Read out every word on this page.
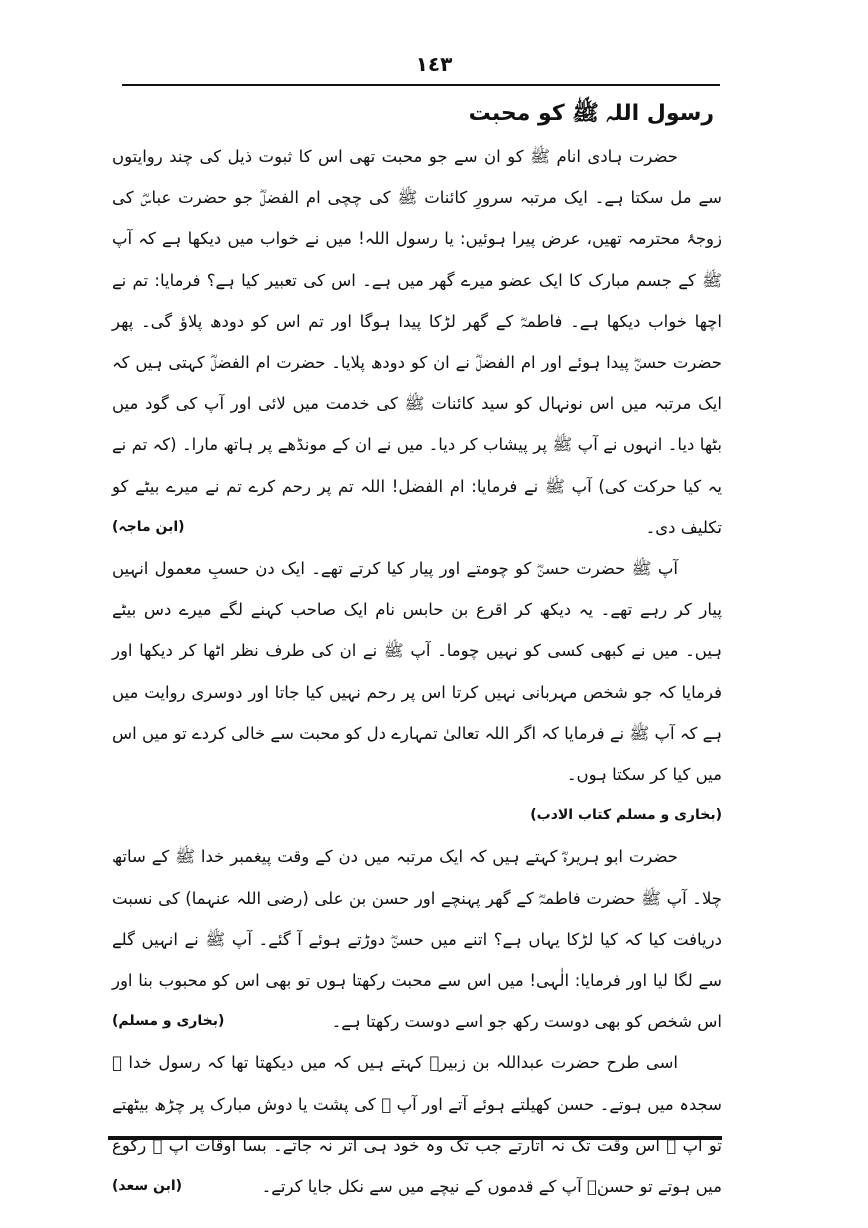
١٤٣
رسول اللہ ﷺ کو محبت

حضرت ہادی انام ﷺ کو ان سے جو محبت تھی اس کا ثبوت ذیل کی چند روایتوں سے مل سکتا ہے۔ ایک مرتبہ سرورِ کائنات ﷺ کی چچی ام الفضلؓ جو حضرت عباسؓ کی زوجۂ محترمہ تھیں، عرض پیرا ہوئیں: یا رسول اللہ! میں نے خواب میں دیکھا ہے کہ آپ ﷺ کے جسم مبارک کا ایک عضو میرے گھر میں ہے۔ اس کی تعبیر کیا ہے؟ فرمایا: تم نے اچھا خواب دیکھا ہے۔ فاطمہؓ کے گھر لڑکا پیدا ہوگا اور تم اس کو دودھ پلاؤ گی۔ پھر حضرت حسنؓ پیدا ہوئے اور ام الفضلؓ نے ان کو دودھ پلایا۔ حضرت ام الفضلؓ کہتی ہیں کہ ایک مرتبہ میں اس نونہال کو سید کائنات ﷺ کی خدمت میں لائی اور آپ کی گود میں بٹھا دیا۔ انہوں نے آپ ﷺ پر پیشاب کر دیا۔ میں نے ان کے مونڈھے پر ہاتھ مارا۔ (کہ تم نے یہ کیا حرکت کی) آپ ﷺ نے فرمایا: ام الفضل! اللہ تم پر رحم کرے تم نے میرے بیٹے کو تکلیف دی۔
(ابن ماجہ)

آپ ﷺ حضرت حسنؓ کو چومتے اور پیار کیا کرتے تھے۔ ایک دن حسبِ معمول انہیں پیار کر رہے تھے۔ یہ دیکھ کر اقرع بن حابس نام ایک صاحب کہنے لگے میرے دس بیٹے ہیں۔ میں نے کبھی کسی کو نہیں چوما۔ آپ ﷺ نے ان کی طرف نظر اٹھا کر دیکھا اور فرمایا کہ جو شخص مہربانی نہیں کرتا اس پر رحم نہیں کیا جاتا اور دوسری روایت میں ہے کہ آپ ﷺ نے فرمایا کہ اگر اللہ تعالیٰ تمہارے دل کو محبت سے خالی کردے تو میں اس میں کیا کر سکتا ہوں۔

(بخاری و مسلم کتاب الادب)

حضرت ابو ہریرہؓ کہتے ہیں کہ ایک مرتبہ میں دن کے وقت پیغمبر خدا ﷺ کے ساتھ چلا۔ آپ ﷺ حضرت فاطمہؓ کے گھر پہنچے اور حسن بن علی (رضی اللہ عنہما) کی نسبت دریافت کیا کہ کیا لڑکا یہاں ہے؟ اتنے میں حسنؓ دوڑتے ہوئے آ گئے۔ آپ ﷺ نے انہیں گلے سے لگا لیا اور فرمایا: الٰہی! میں اس سے محبت رکھتا ہوں تو بھی اس کو محبوب بنا اور اس شخص کو بھی دوست رکھ جو اسے دوست رکھتا ہے۔
(بخاری و مسلم)

اسی طرح حضرت عبداللہ بن زبیرؓ کہتے ہیں کہ میں دیکھتا تھا کہ رسول خدا ﷺ سجدہ میں ہوتے۔ حسن کھیلتے ہوئے آتے اور آپ ﷺ کی پشت یا دوش مبارک پر چڑھ بیٹھتے تو آپ ﷺ اس وقت تک نہ اتارتے جب تک وہ خود ہی اتر نہ جاتے۔ بسا اوقات آپ ﷺ رکوع میں ہوتے تو حسنؓ آپ کے قدموں کے نیچے میں سے نکل جایا کرتے۔
(ابن سعد)
